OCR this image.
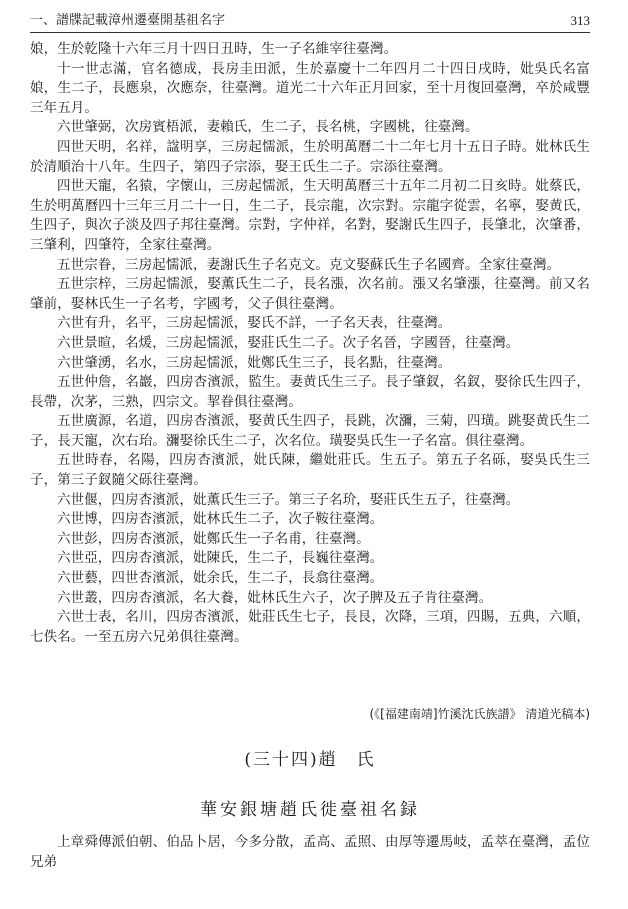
一、譜牒記載漳州遷臺開基祖名字	313

娘，生於乾隆十六年三月十四日丑時，生一子名維宰往臺灣。

十一世志滿，官名德成，長房圭田派，生於嘉慶十二年四月二十四日戌時，妣吳氏名富娘，生二子，長應泉，次應奈，往臺灣。道光二十六年正月回家，至十月復回臺灣，卒於咸豐三年五月。

六世肇弼，次房賓梧派，妻賴氏，生二子，長名桃，字國桃，往臺灣。

四世天明，名祥，諡明享，三房起懦派，生於明萬曆二十二年七月十五日子時。妣林氏生於清順治十八年。生四子，第四子宗添，娶王氏生二子。宗添往臺灣。

四世天寵，名猿，字懷山，三房起懦派，生天明萬曆三十五年二月初二日亥時。妣蔡氏，生於明萬曆四十三年三月二十一日，生二子，長宗龍，次宗對。宗龍字從雲，名寧，娶黄氏，生四子，與次子淡及四子邦往臺灣。宗對，字仲祥，名對，娶謝氏生四子，長肇北，次肇番，三肇利，四肇符，全家往臺灣。

五世宗眷，三房起懦派，妻謝氏生子名克文。克文娶蘇氏生子名國齊。全家往臺灣。

五世宗梓，三房起懦派，娶薫氏生二子，長名漲，次名前。漲又名肇漲，往臺灣。前又名肇前，娶林氏生一子名考，字國考，父子俱往臺灣。

六世有升，名平，三房起懦派，娶氏不詳，一子名天表，往臺灣。

六世景暄，名煖，三房起懦派，娶莊氏生二子。次子名晉，字國晉，往臺灣。

六世肇湧，名水，三房起懦派，妣鄭氏生三子，長名點，往臺灣。

五世仲詹，名巖，四房杏濱派，監生。妻黄氏生三子。長子肇釵，名釵，娶徐氏生四子，長帶，次茅，三熟，四宗文。挈眷俱往臺灣。

五世廣源，名道，四房杏濱派，娶黄氏生四子，長跳，次瀰，三菊，四璜。跳娶黄氏生二子，長天寵，次右珆。瀰娶徐氏生二子，次名位。璜娶吳氏生一子名富。俱往臺灣。

五世時春，名陽，四房杏濱派，妣氏陳，繼妣莊氏。生五子。第五子名砾，娶吳氏生三子，第三子釵隨父砾往臺灣。

六世偃，四房杏濱派，妣薫氏生三子。第三子名玠，娶莊氏生五子，往臺灣。

六世博，四房杏濱派，妣林氏生二子，次子鞍往臺灣。

六世彭，四房杏濱派，妣鄭氏生一子名甫，往臺灣。

六世亞，四房杏濱派，妣陳氏，生二子，長巍往臺灣。

六世藝，四世杏濱派，妣余氏，生二子，長翕往臺灣。

六世叢，四房杏濱派，名大養，妣林氏生六子，次子脾及五子肯往臺灣。

六世士表，名川，四房杏濱派，妣莊氏生七子，長艮，次降，三項，四賜，五典，六順，七佚名。一至五房六兄弟俱往臺灣。

(《[福建南靖]竹溪沈氏族譜》 清道光稿本)
(三十四)趙　氏
華安銀塘趙氏徙臺祖名録

上章舜傳派伯朝、伯品卜居，今多分散，孟高、孟照、由厚等遷馬岐，孟萃在臺灣，孟位兄弟
